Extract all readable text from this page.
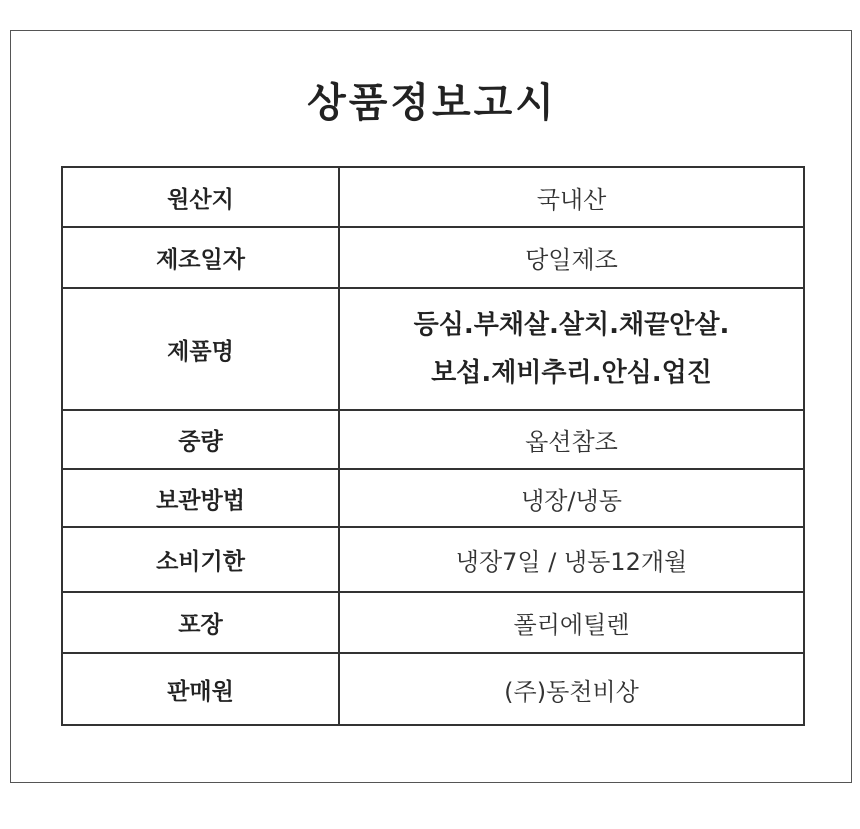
상품정보고시
원산지	국내산
제조일자	당일제조
제품명	등심.부채살.살치.채끝안살.
보섭.제비추리.안심.업진

중량	옵션참조
보관방법	냉장/냉동
소비기한	냉장7일 / 냉동12개월
포장	폴리에틸렌
판매원	(주)동천비상
